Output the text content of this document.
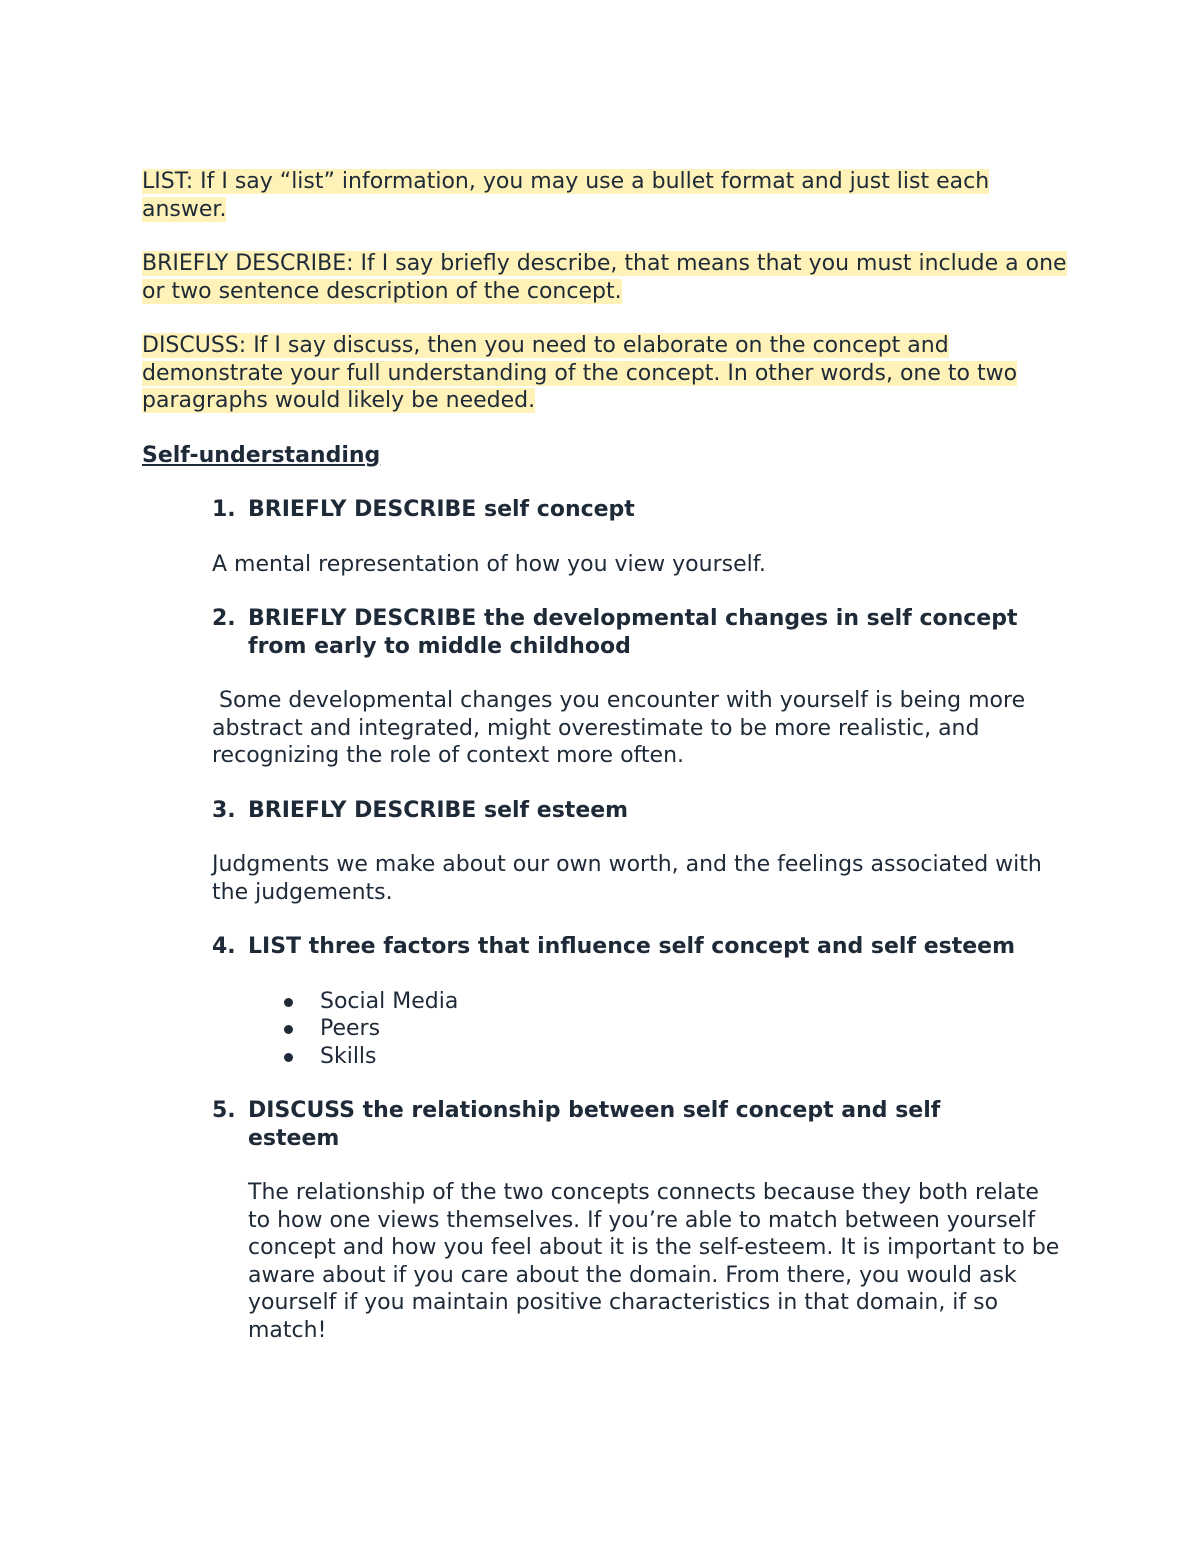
LIST: If I say “list” information, you may use a bullet format and just list each answer.

BRIEFLY DESCRIBE: If I say briefly describe, that means that you must include a one or two sentence description of the concept.

DISCUSS: If I say discuss, then you need to elaborate on the concept and demonstrate your full understanding of the concept. In other words, one to two paragraphs would likely be needed.

Self-understanding
1. BRIEFLY DESCRIBE self concept

A mental representation of how you view yourself.

2. BRIEFLY DESCRIBE the developmental changes in self concept from early to middle childhood

Some developmental changes you encounter with yourself is being more abstract and integrated, might overestimate to be more realistic, and recognizing the role of context more often.

3. BRIEFLY DESCRIBE self esteem

Judgments we make about our own worth, and the feelings associated with the judgements.

4. LIST three factors that influence self concept and self esteem
Social Media
Peers
Skills
5. DISCUSS the relationship between self concept and self esteem

The relationship of the two concepts connects because they both relate to how one views themselves. If you’re able to match between yourself concept and how you feel about it is the self-esteem. It is important to be aware about if you care about the domain. From there, you would ask yourself if you maintain positive characteristics in that domain, if so match!
